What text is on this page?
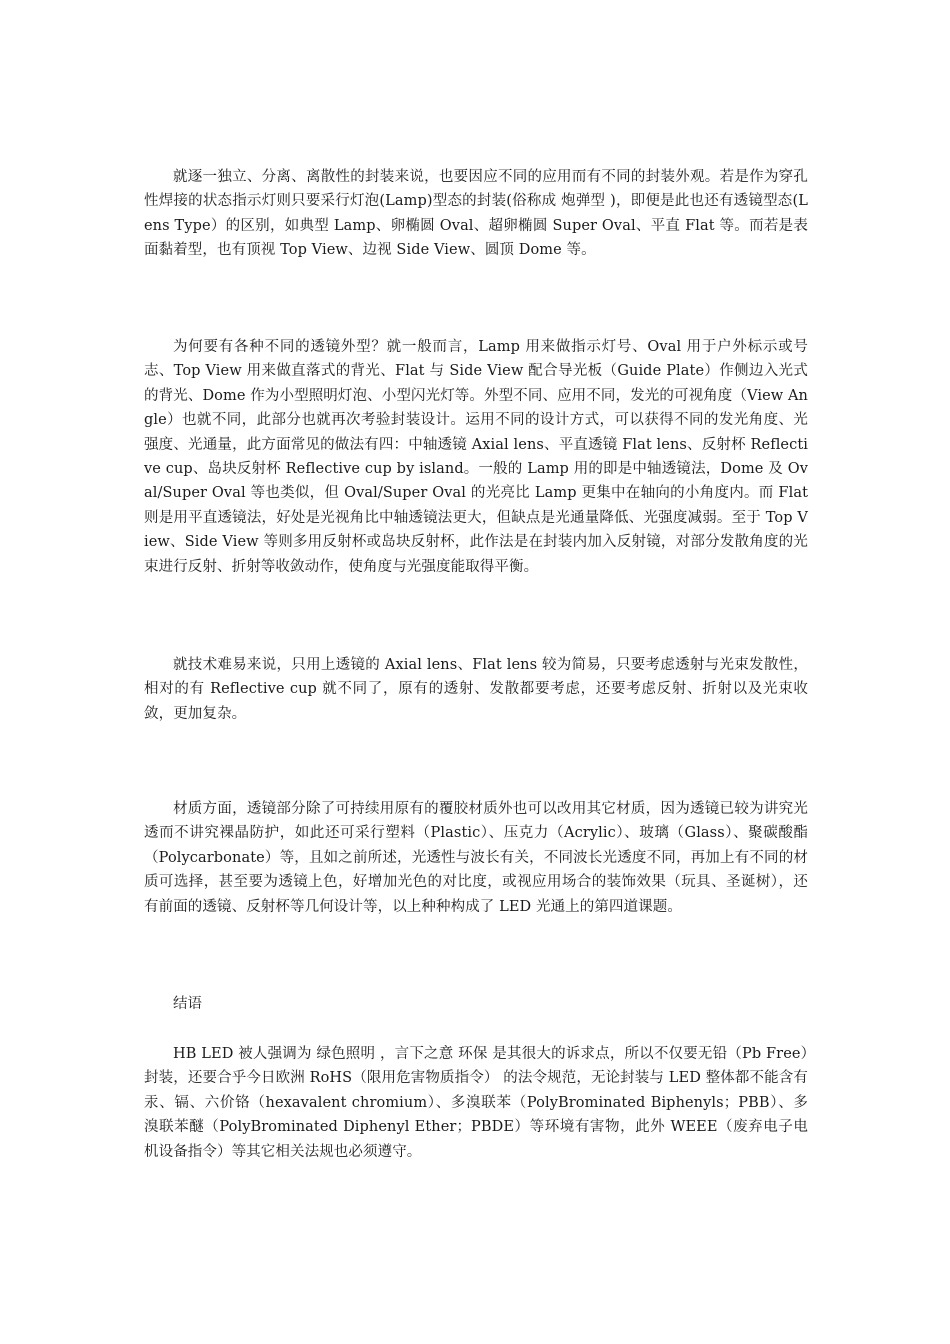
就逐一独立、分离、离散性的封装来说，也要因应不同的应用而有不同的封装外观。若是作为穿孔性焊接的状态指示灯则只要采行灯泡(Lamp)型态的封装(俗称成 炮弹型 )，即便是此也还有透镜型态(Lens Type）的区别，如典型 Lamp、卵椭圆 Oval、超卵椭圆 Super Oval、平直 Flat 等。而若是表面黏着型，也有顶视 Top View、边视 Side View、圆顶 Dome 等。

为何要有各种不同的透镜外型？就一般而言，Lamp 用来做指示灯号、Oval 用于户外标示或号志、Top View 用来做直落式的背光、Flat 与 Side View 配合导光板（Guide Plate）作侧边入光式的背光、Dome 作为小型照明灯泡、小型闪光灯等。外型不同、应用不同，发光的可视角度（View Angle）也就不同，此部分也就再次考验封装设计。运用不同的设计方式，可以获得不同的发光角度、光强度、光通量，此方面常见的做法有四：中轴透镜 Axial lens、平直透镜 Flat lens、反射杯 Reflective cup、岛块反射杯 Reflective cup by island。一般的 Lamp 用的即是中轴透镜法，Dome 及 Oval/Super Oval 等也类似，但 Oval/Super Oval 的光亮比 Lamp 更集中在轴向的小角度内。而 Flat 则是用平直透镜法，好处是光视角比中轴透镜法更大，但缺点是光通量降低、光强度减弱。至于 Top View、Side View 等则多用反射杯或岛块反射杯，此作法是在封装内加入反射镜，对部分发散角度的光束进行反射、折射等收敛动作，使角度与光强度能取得平衡。

就技术难易来说，只用上透镜的 Axial lens、Flat lens 较为简易，只要考虑透射与光束发散性，相对的有 Reflective cup 就不同了，原有的透射、发散都要考虑，还要考虑反射、折射以及光束收敛，更加复杂。

材质方面，透镜部分除了可持续用原有的覆胶材质外也可以改用其它材质，因为透镜已较为讲究光透而不讲究裸晶防护，如此还可采行塑料（Plastic）、压克力（Acrylic）、玻璃（Glass）、聚碳酸酯（Polycarbonate）等，且如之前所述，光透性与波长有关，不同波长光透度不同，再加上有不同的材质可选择，甚至要为透镜上色，好增加光色的对比度，或视应用场合的装饰效果（玩具、圣诞树），还有前面的透镜、反射杯等几何设计等，以上种种构成了 LED 光通上的第四道课题。

结语

HB LED 被人强调为 绿色照明 ，言下之意 环保 是其很大的诉求点，所以不仅要无铅（Pb Free）封装，还要合乎今日欧洲 RoHS（限用危害物质指令） 的法令规范，无论封装与 LED 整体都不能含有汞、镉、六价铬（hexavalent chromium）、多溴联苯（PolyBrominated Biphenyls；PBB）、多溴联苯醚（PolyBrominated Diphenyl Ether；PBDE）等环境有害物，此外 WEEE（废弃电子电机设备指令）等其它相关法规也必须遵守。
